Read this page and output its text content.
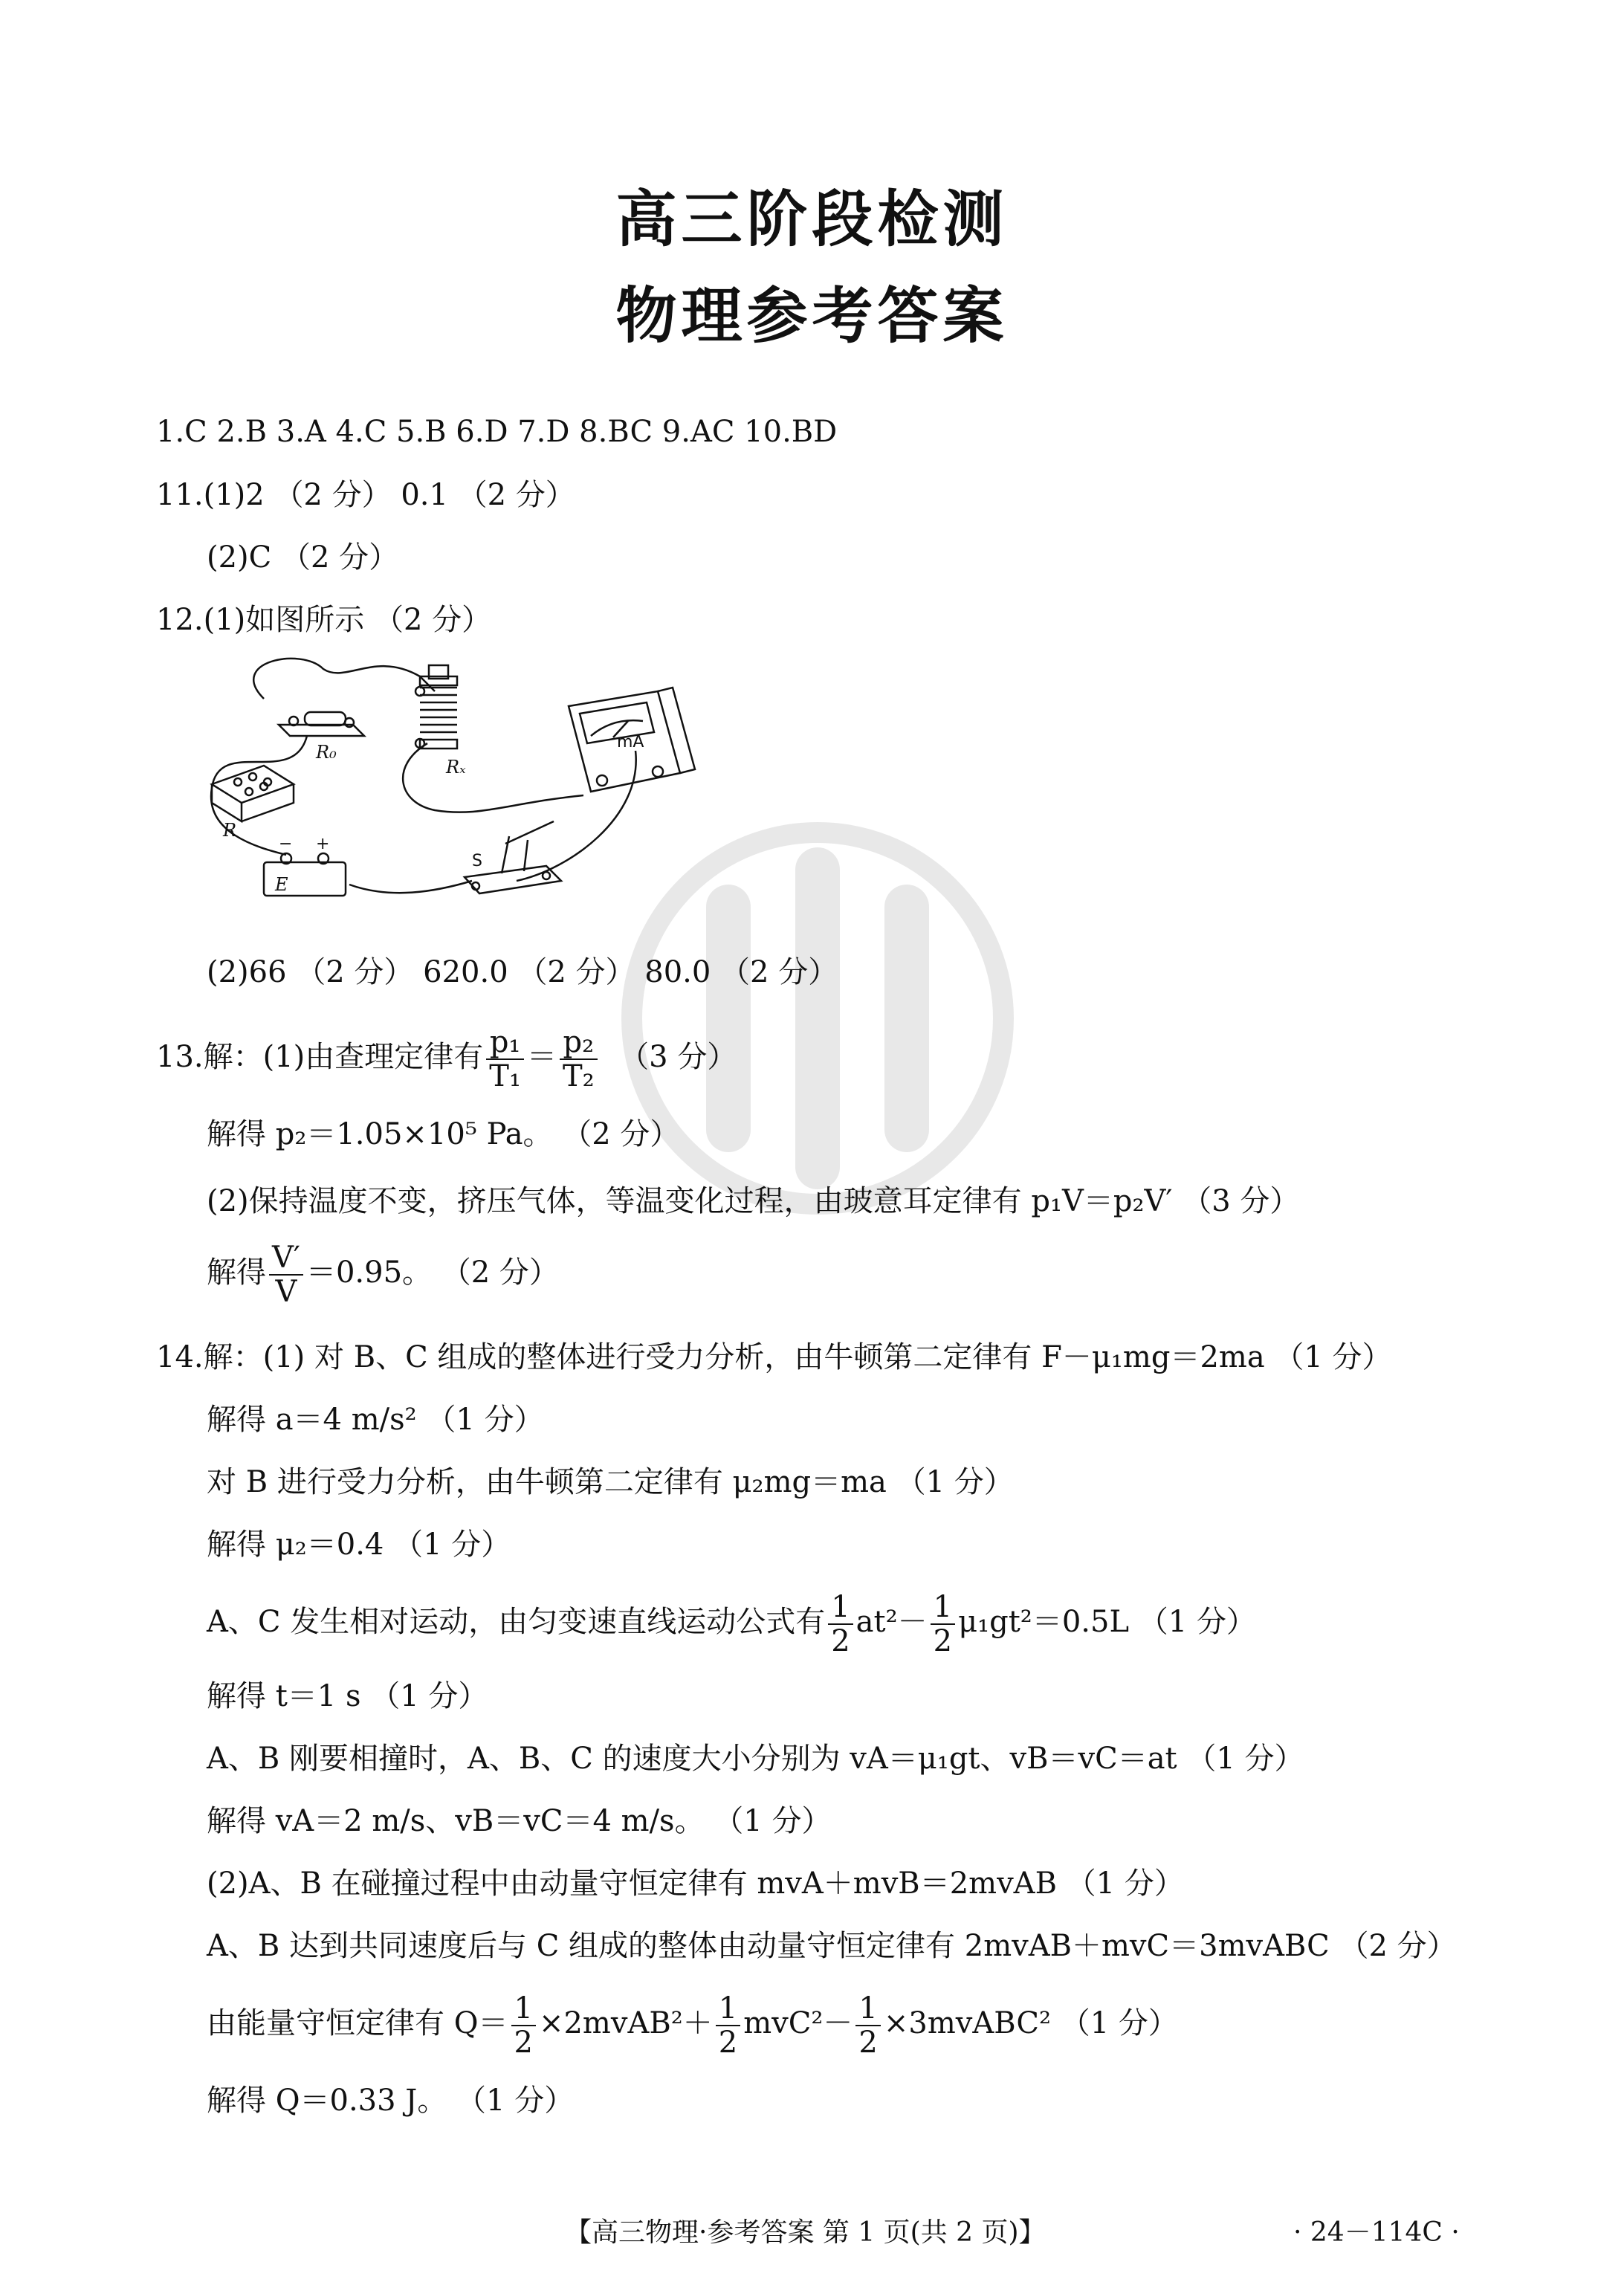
高三阶段检测
物理参考答案
1.C 2.B 3.A 4.C 5.B 6.D 7.D 8.BC 9.AC 10.BD
11.(1)2 （2 分） 0.1 （2 分）
(2)C （2 分）
12.(1)如图所示 （2 分）
R₀
Rₓ
R
E
− +
S
mA
(2)66 （2 分） 620.0 （2 分） 80.0 （2 分）
13.解：(1)由查理定律有 $\frac{\text{p₁}}{\text{T₁}} = \frac{\text{p₂}}{\text{T₂}} (3$ 分）
解得 p₂＝1.05×10⁵ Pa。 （2 分）
(2)保持温度不变，挤压气体，等温变化过程，由玻意耳定律有 p₁V＝p₂V′ （3 分）
解得 $\frac{V'}{V} =0.95$。 （2 分）
14.解：(1) 对 B、C 组成的整体进行受力分析，由牛顿第二定律有 F－μ₁mg＝2ma （1 分）
解得 a＝4 m/s² （1 分）
对 B 进行受力分析，由牛顿第二定律有 μ₂mg＝ma （1 分）
解得 μ₂＝0.4 （1 分）
A、C 发生相对运动，由匀变速直线运动公式有 $\frac{1}{2} at^2- \frac{1}{2} \mu_1gt^2=0.5L$ （1 分）
解得 t＝1 s （1 分）
A、B 刚要相撞时，A、B、C 的速度大小分别为 vA＝μ₁gt、vB＝vC＝at （1 分）
解得 vA＝2 m/s、vB＝vC＝4 m/s。 （1 分）
(2)A、B 在碰撞过程中由动量守恒定律有 mvA＋mvB＝2mvAB （1 分）
A、B 达到共同速度后与 C 组成的整体由动量守恒定律有 2mvAB＋mvC＝3mvABC （2 分）
由能量守恒定律有 $Q= \frac{1}{2}$ ×2mvAB²＋ $\frac{1}{2} mvC^2- \frac{1}{2}$ ×3mvABC² （1 分）
解得 Q＝0.33 J。 （1 分）
【高三物理·参考答案 第 1 页(共 2 页)】	· 24－114C ·
